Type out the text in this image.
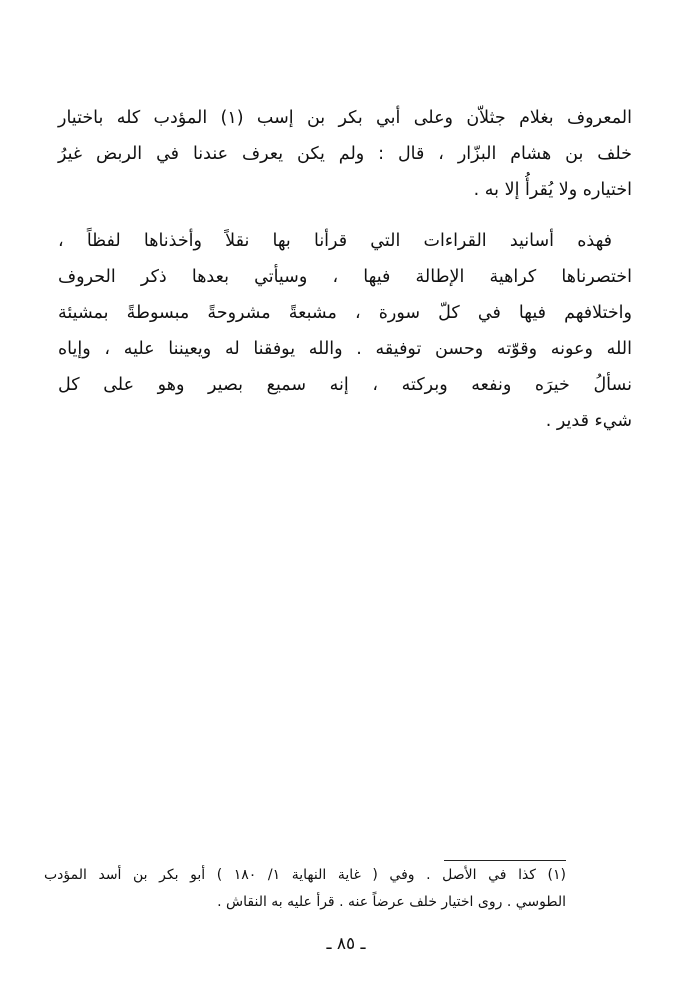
المعروف بغلام جثلاّن وعلى أبي بكر بن إسب (١) المؤدب كله باختيار
خلف بن هشام البزّار ، قال : ولم يكن يعرف عندنا في الربض غيرُ
اختياره ولا يُقرأُ إلا به .
فهذه أسانيد القراءات التي قرأنا بها نقلاً وأخذناها لفظاً ،
اختصرناها كراهية الإطالة فيها ، وسيأتي بعدها ذكر الحروف
واختلافهم فيها في كلّ سورة ، مشبعةً مشروحةً مبسوطةً بمشيئة
الله وعونه وقوّته وحسن توفيقه . والله يوفقنا له ويعيننا عليه ، وإياه
نسألُ خيرَه ونفعه وبركته ، إنه سميع بصير وهو على كل
شيء قدير .
(١) كذا في الأصل . وفي ( غاية النهاية ١/ ١٨٠ ) أبو بكر بن أسد المؤدب
الطوسي . روى اختيار خلف عرضاً عنه . قرأ عليه به النقاش .
ـ ٨٥ ـ
